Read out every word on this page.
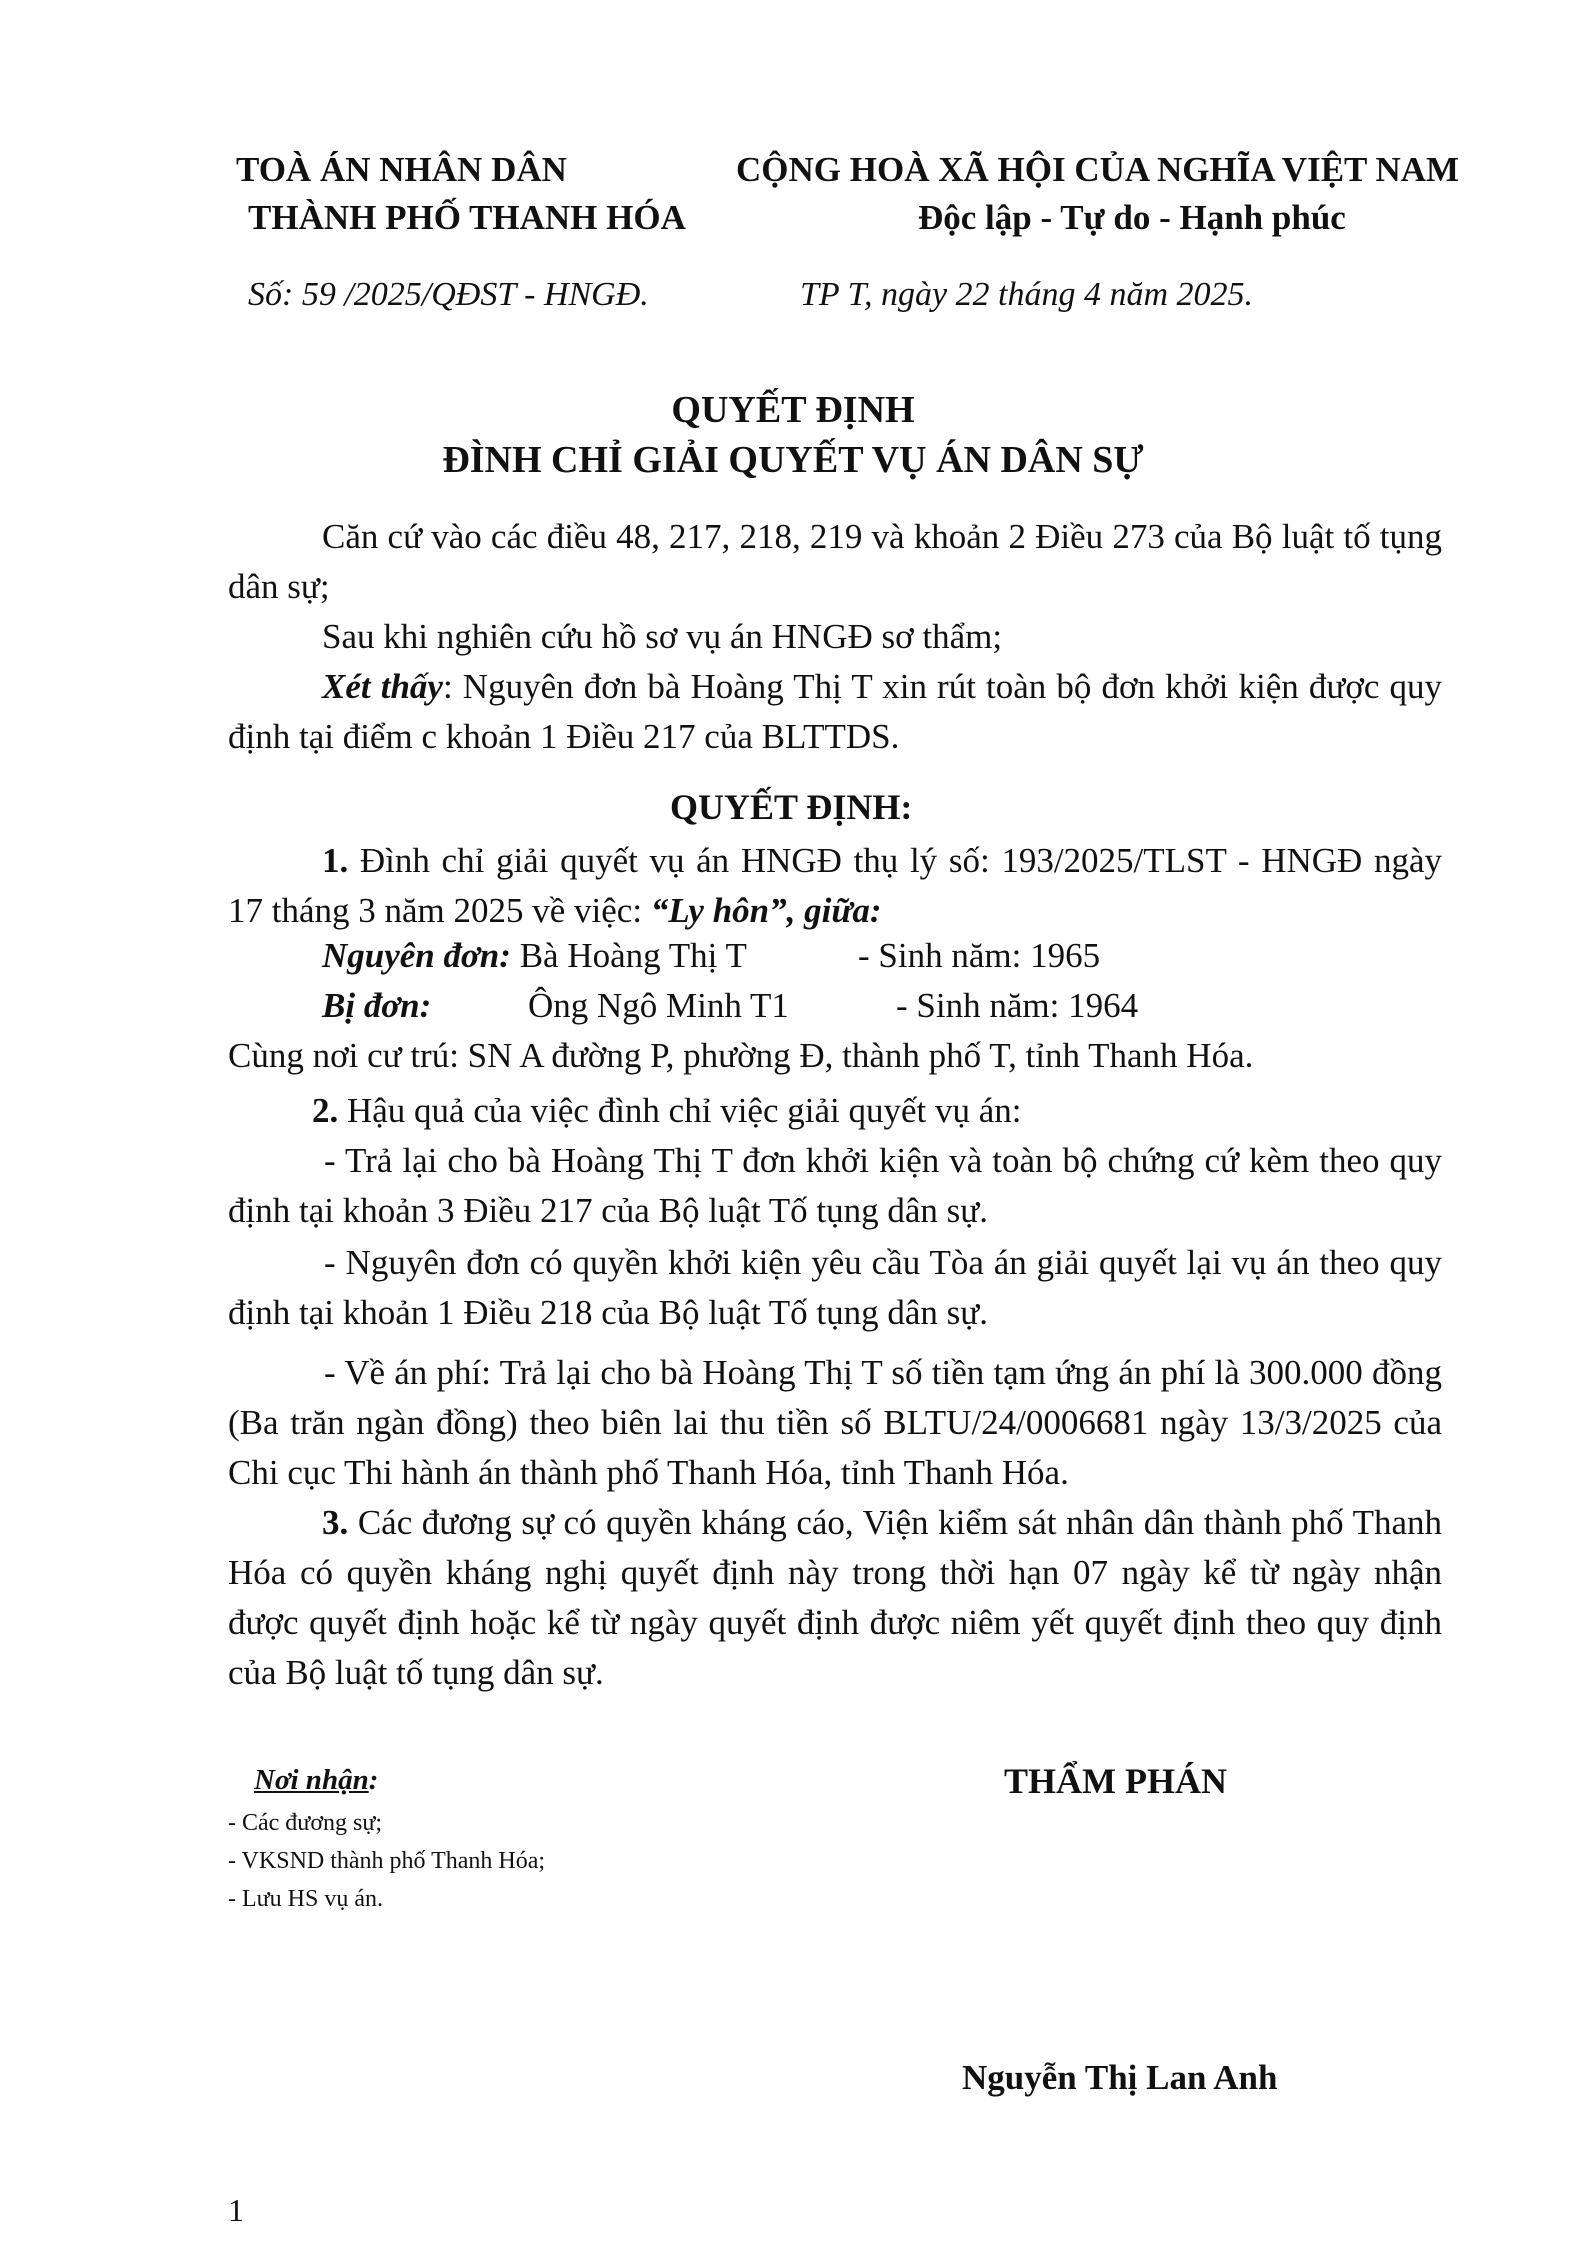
TOÀ ÁN NHÂN DÂN
THÀNH PHỐ THANH HÓA
CỘNG HOÀ XÃ HỘI CỦA NGHĨA VIỆT NAM
Độc lập - Tự do - Hạnh phúc
Số: 59 /2025/QĐST - HNGĐ.	TP T, ngày 22 tháng 4 năm 2025.
QUYẾT ĐỊNH
ĐÌNH CHỈ GIẢI QUYẾT VỤ ÁN DÂN SỰ
Căn cứ vào các điều 48, 217, 218, 219 và khoản 2 Điều 273 của Bộ luật tố tụng dân sự;
Sau khi nghiên cứu hồ sơ vụ án HNGĐ sơ thẩm;
Xét thấy: Nguyên đơn bà Hoàng Thị T xin rút toàn bộ đơn khởi kiện được quy định tại điểm c khoản 1 Điều 217 của BLTTDS.
QUYẾT ĐỊNH:
1. Đình chỉ giải quyết vụ án HNGĐ thụ lý số: 193/2025/TLST - HNGĐ ngày 17 tháng 3 năm 2025 về việc: “Ly hôn”, giữa:
Nguyên đơn: Bà Hoàng Thị T	- Sinh năm: 1965
Bị đơn:	Ông Ngô Minh T1	- Sinh năm: 1964
Cùng nơi cư trú: SN A đường P, phường Đ, thành phố T, tỉnh Thanh Hóa.
2. Hậu quả của việc đình chỉ việc giải quyết vụ án:
- Trả lại cho bà Hoàng Thị T đơn khởi kiện và toàn bộ chứng cứ kèm theo quy định tại khoản 3 Điều 217 của Bộ luật Tố tụng dân sự.
- Nguyên đơn có quyền khởi kiện yêu cầu Tòa án giải quyết lại vụ án theo quy định tại khoản 1 Điều 218 của Bộ luật Tố tụng dân sự.
- Về án phí: Trả lại cho bà Hoàng Thị T số tiền tạm ứng án phí là 300.000 đồng (Ba trăn ngàn đồng) theo biên lai thu tiền số BLTU/24/0006681 ngày 13/3/2025 của Chi cục Thi hành án thành phố Thanh Hóa, tỉnh Thanh Hóa.
3. Các đương sự có quyền kháng cáo, Viện kiểm sát nhân dân thành phố Thanh Hóa có quyền kháng nghị quyết định này trong thời hạn 07 ngày kể từ ngày nhận được quyết định hoặc kể từ ngày quyết định được niêm yết quyết định theo quy định của Bộ luật tố tụng dân sự.
Nơi nhận:
- Các đương sự;
- VKSND thành phố Thanh Hóa;
- Lưu HS vụ án.
THẨM PHÁN
Nguyễn Thị Lan Anh
1
